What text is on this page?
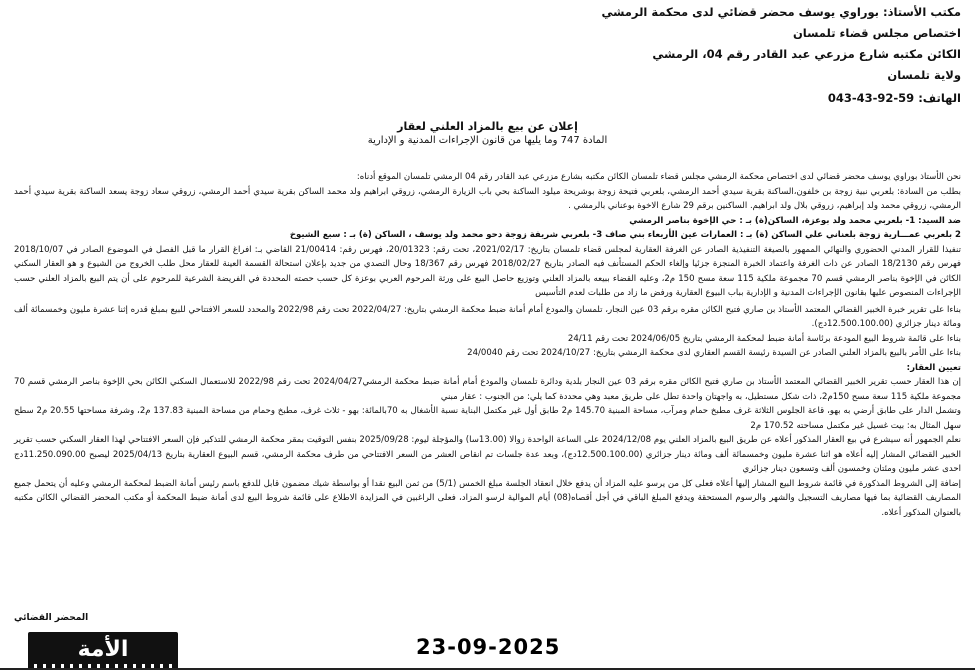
مكتب الأستاذ: بوراوي يوسف محضر قضائي لدى محكمة الرمشي
اختصاص مجلس قضاء تلمسان
الكائن مكتبه شارع مزرعي عبد القادر رقم 04، الرمشي
ولاية تلمسان
الهاتف: 043-43-92-59
إعلان عن بيع بالمزاد العلني لعقار
المادة 747 وما يليها من قانون الإجراءات المدنية و الإدارية

نحن الأستاذ بوراوي يوسف محضر قضائي لدى اختصاص محكمة الرمشي مجلس قضاء تلمسان الكائن مكتبه بشارع مزرعي عبد القادر رقم 04 الرمشي تلمسان الموقع أدناه:

بطلب من السادة: بلعربي نبية زوجة بن خلفون،الساكنة بقرية سيدي أحمد الرمشي، بلعربي فتيحة زوجة بوشريحة ميلود الساكنة بحي باب الزيارة الرمشي، زروقي ابراهيم ولد محمد الساكن بقرية سيدي أحمد الرمشي، زروقي سعاد زوجة يسعد الساكنة بقرية سيدي أحمد الرمشي، زروقي محمد ولد إبراهيم، زروقي بلال ولد ابراهيم. الساكنين برقم 29 شارع الاخوة بوعناني بالرمشي .

ضد السيد: 1- بلعربي محمد ولد بوعزة، الساكن(ة) بـ : حي الإخوة بناصر الرمشي

2 بلعربي عمـــارية زوجة بلعناني علي الساكن (ة) بـ : العمارات عين الأربعاء بني صاف 3- بلعربي شريفة زوجة دحو محمد ولد يوسف ، الساكن (ة) بـ : سبع الشيوخ

تنفيذا للقرار المدني الحضوري والنهائي الممهور بالصيغة التنفيذية الصادر عن الغرفة العقارية لمجلس قضاء تلمسان بتاريخ: 2021/02/17، تحت رقم: 20/01323، فهرس رقم: 21/00414 القاضي بـ: افراغ القرار ما قبل الفصل في الموضوع الصادر في 2018/10/07 فهرس رقم 18/2130 الصادر عن ذات الغرفة واعتماد الخبرة المنجزة جزئيا وإلغاء الحكم المستأنف فيه الصادر بتاريخ 2018/02/27 فهرس رقم 18/367 وحال التصدي من جديد بإعلان استحالة القسمة العينة للعقار محل طلب الخروج من الشيوع و هو العقار السكني الكائن في الإخوة بناصر الرمشي قسم 70 مجموعة ملكية 115 سعة مسح 150 م2، وعليه القضاء ببيعه بالمزاد العلني وتوزيع حاصل البيع على ورثة المرحوم العربي بوعزة كل حسب حصته المحددة في الفريضة الشرعية للمرحوم على أن يتم البيع بالمزاد العلني حسب الإجراءات المنصوص عليها بقانون الإجراءات المدنية و الإدارية بباب البيوع العقارية ورفض ما زاد من طلبات لعدم التأسيس

بناءا على تقرير خبرة الخبير القضائي المعتمد الأستاذ بن صاري فتيح الكائن مقره برقم 03 عين النجار، تلمسان والمودع أمام أمانة ضبط محكمة الرمشي بتاريخ: 2022/04/27 تحت رقم 2022/98 والمحدد للسعر الافتتاحي للبيع بمبلغ قدره إثنا عشرة مليون وخمسمائة ألف ومائة دينار جزائري (12.500.100.00دج).

بناءا على قائمة شروط البيع المودعة برئاسة أمانة ضبط لمحكمة الرمشي بتاريخ 2024/06/05 تحت رقم 24/11

بناءا على الأمر بالبيع بالمزاد العلني الصادر عن السيدة رئيسة القسم العقاري لدى محكمة الرمشي بتاريخ: 2024/10/27 تحت رقم 24/0040

تعيين العقار:

إن هذا العقار حسب تقرير الخبير القضائي المعتمد الأستاذ بن صاري فتيح الكائن مقره برقم 03 عين النجار بلدية ودائرة تلمسان والمودع أمام أمانة ضبط محكمة الرمشي2024/04/27 تحت رقم 2022/98 للاستعمال السكني الكائن بحي الإخوة بناصر الرمشي قسم 70 مجموعة ملكية 115 سعة مسح 150م2، ذات شكل مستطيل، به واجهتان واحدة تطل على طريق معبد وهي محددة كما يلي: من الجنوب : عقار مبني

وتشمل الدار على طابق أرضي به بهو، قاعة الجلوس الثلاثة غرف مطبخ حمام ومرآب، مساحة المبنية 145.70 م2 طابق أول غير مكتمل البناية نسبة الأشغال به 70بالمائة: بهو - ثلاث غرف، مطبخ وحمام من مساحة المبنية 137.83 م2، وشرفة مساحتها 20.55 م2 سطح سهل المثال به: بيت غسيل غير مكتمل مساحته 170.52 م2

نعلم الجمهور أنه سيشرع في بيع العقار المذكور أعلاه عن طريق البيع بالمزاد العلني يوم 2024/12/08 على الساعة الواحدة زوالا (13.00سا) والمؤجلة ليوم: 2025/09/28 بنفس التوقيت بمقر محكمة الرمشي للتذكير فإن السعر الافتتاحي لهذا العقار السكني حسب تقرير الخبير القضائي المشار إليه أعلاه هو اثنا عشرة مليون وخمسمائة ألف ومائة دينار جزائري (12.500.100.00دج)، وبعد عدة جلسات تم انقاص العشر من السعر الافتتاحي من طرف محكمة الرمشي، قسم البيوع العقارية بتاريخ 2025/04/13 ليصبح 11.250.090.00دج احدى عشر مليون ومئتان وخمسون ألف وتسعون دينار جزائري

إضافة إلى الشروط المذكورة في قائمة شروط البيع المشار إليها أعلاه فعلى كل من يرسو عليه المزاد أن يدفع خلال انعقاد الجلسة مبلغ الخمس (5/1) من ثمن البيع نقدا أو بواسطة شيك مضمون قابل للدفع باسم رئيس أمانة الضبط لمحكمة الرمشي وعليه أن يتحمل جميع المصاريف القضائية بما فيها مصاريف التسجيل والشهر والرسوم المستحقة ويدفع المبلغ الباقي في أجل أقصاه(08) أيام الموالية لرسو المزاد، فعلى الراغبين في المزايدة الاطلاع على قائمة شروط البيع لدى أمانة ضبط المحكمة أو مكتب المحضر القضائي الكائن مكتبه بالعنوان المذكور أعلاه.

المحضر القضائي
الأمة	23-09-2025
